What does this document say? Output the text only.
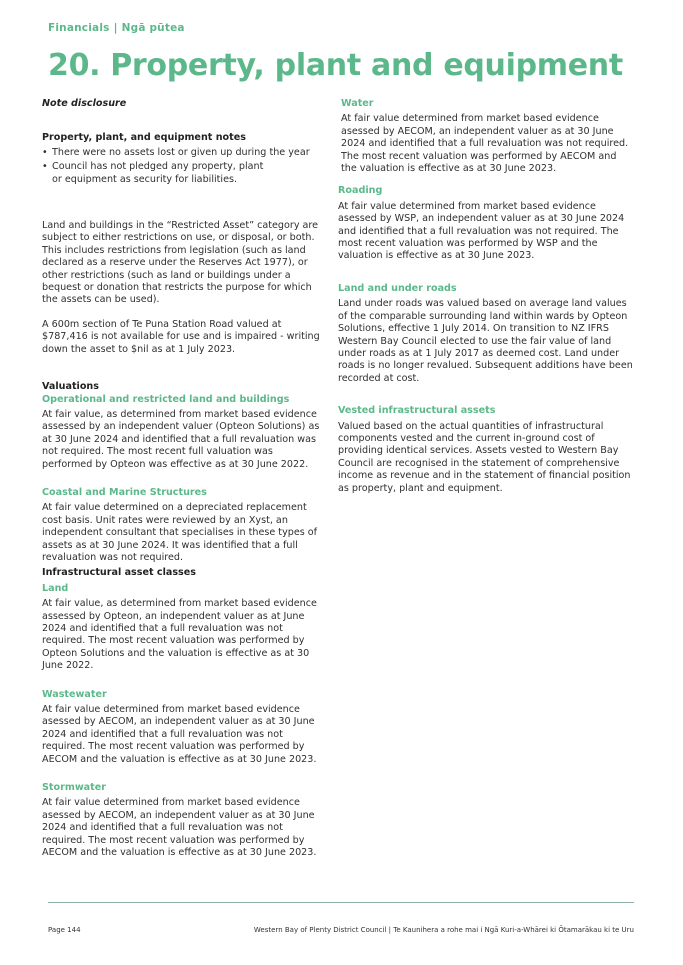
Financials | Ngā pūtea
20. Property, plant and equipment

Note disclosure

Property, plant, and equipment notes

• There were no assets lost or given up during the year
• Council has not pledged any property, plant or equipment as security for liabilities.

Land and buildings in the “Restricted Asset” category are subject to either restrictions on use, or disposal, or both. This includes restrictions from legislation (such as land declared as a reserve under the Reserves Act 1977), or other restrictions (such as land or buildings under a bequest or donation that restricts the purpose for which the assets can be used).

A 600m section of Te Puna Station Road valued at $787,416 is not available for use and is impaired - writing down the asset to $nil as at 1 July 2023.

Valuations

Operational and restricted land and buildings

At fair value, as determined from market based evidence assessed by an independent valuer (Opteon Solutions) as at 30 June 2024 and identified that a full revaluation was not required. The most recent full valuation was performed by Opteon was effective as at 30 June 2022.

Coastal and Marine Structures

At fair value determined on a depreciated replacement cost basis. Unit rates were reviewed by an Xyst, an independent consultant that specialises in these types of assets as at 30 June 2024. It was identified that a full revaluation was not required.

Infrastructural asset classes

Land

At fair value, as determined from market based evidence assessed by Opteon, an independent valuer as at June 2024 and identified that a full revaluation was not required. The most recent valuation was performed by Opteon Solutions and the valuation is effective as at 30 June 2022.

Wastewater

At fair value determined from market based evidence asessed by AECOM, an independent valuer as at 30 June 2024 and identified that a full revaluation was not required. The most recent valuation was performed by AECOM and the valuation is effective as at 30 June 2023.

Stormwater

At fair value determined from market based evidence asessed by AECOM, an independent valuer as at 30 June 2024 and identified that a full revaluation was not required. The most recent valuation was performed by AECOM and the valuation is effective as at 30 June 2023.

Water

At fair value determined from market based evidence asessed by AECOM, an independent valuer as at 30 June 2024 and identified that a full revaluation was not required. The most recent valuation was performed by AECOM and the valuation is effective as at 30 June 2023.

Roading

At fair value determined from market based evidence asessed by WSP, an independent valuer as at 30 June 2024 and identified that a full revaluation was not required. The most recent valuation was performed by WSP and the valuation is effective as at 30 June 2023.

Land and under roads

Land under roads was valued based on average land values of the comparable surrounding land within wards by Opteon Solutions, effective 1 July 2014. On transition to NZ IFRS Western Bay Council elected to use the fair value of land under roads as at 1 July 2017 as deemed cost. Land under roads is no longer revalued. Subsequent additions have been recorded at cost.

Vested infrastructural assets

Valued based on the actual quantities of infrastructural components vested and the current in-ground cost of providing identical services. Assets vested to Western Bay Council are recognised in the statement of comprehensive income as revenue and in the statement of financial position as property, plant and equipment.

Page 144	Western Bay of Plenty District Council | Te Kaunihera a rohe mai i Ngā Kuri-a-Whārei ki Ōtamarākau ki te Uru
